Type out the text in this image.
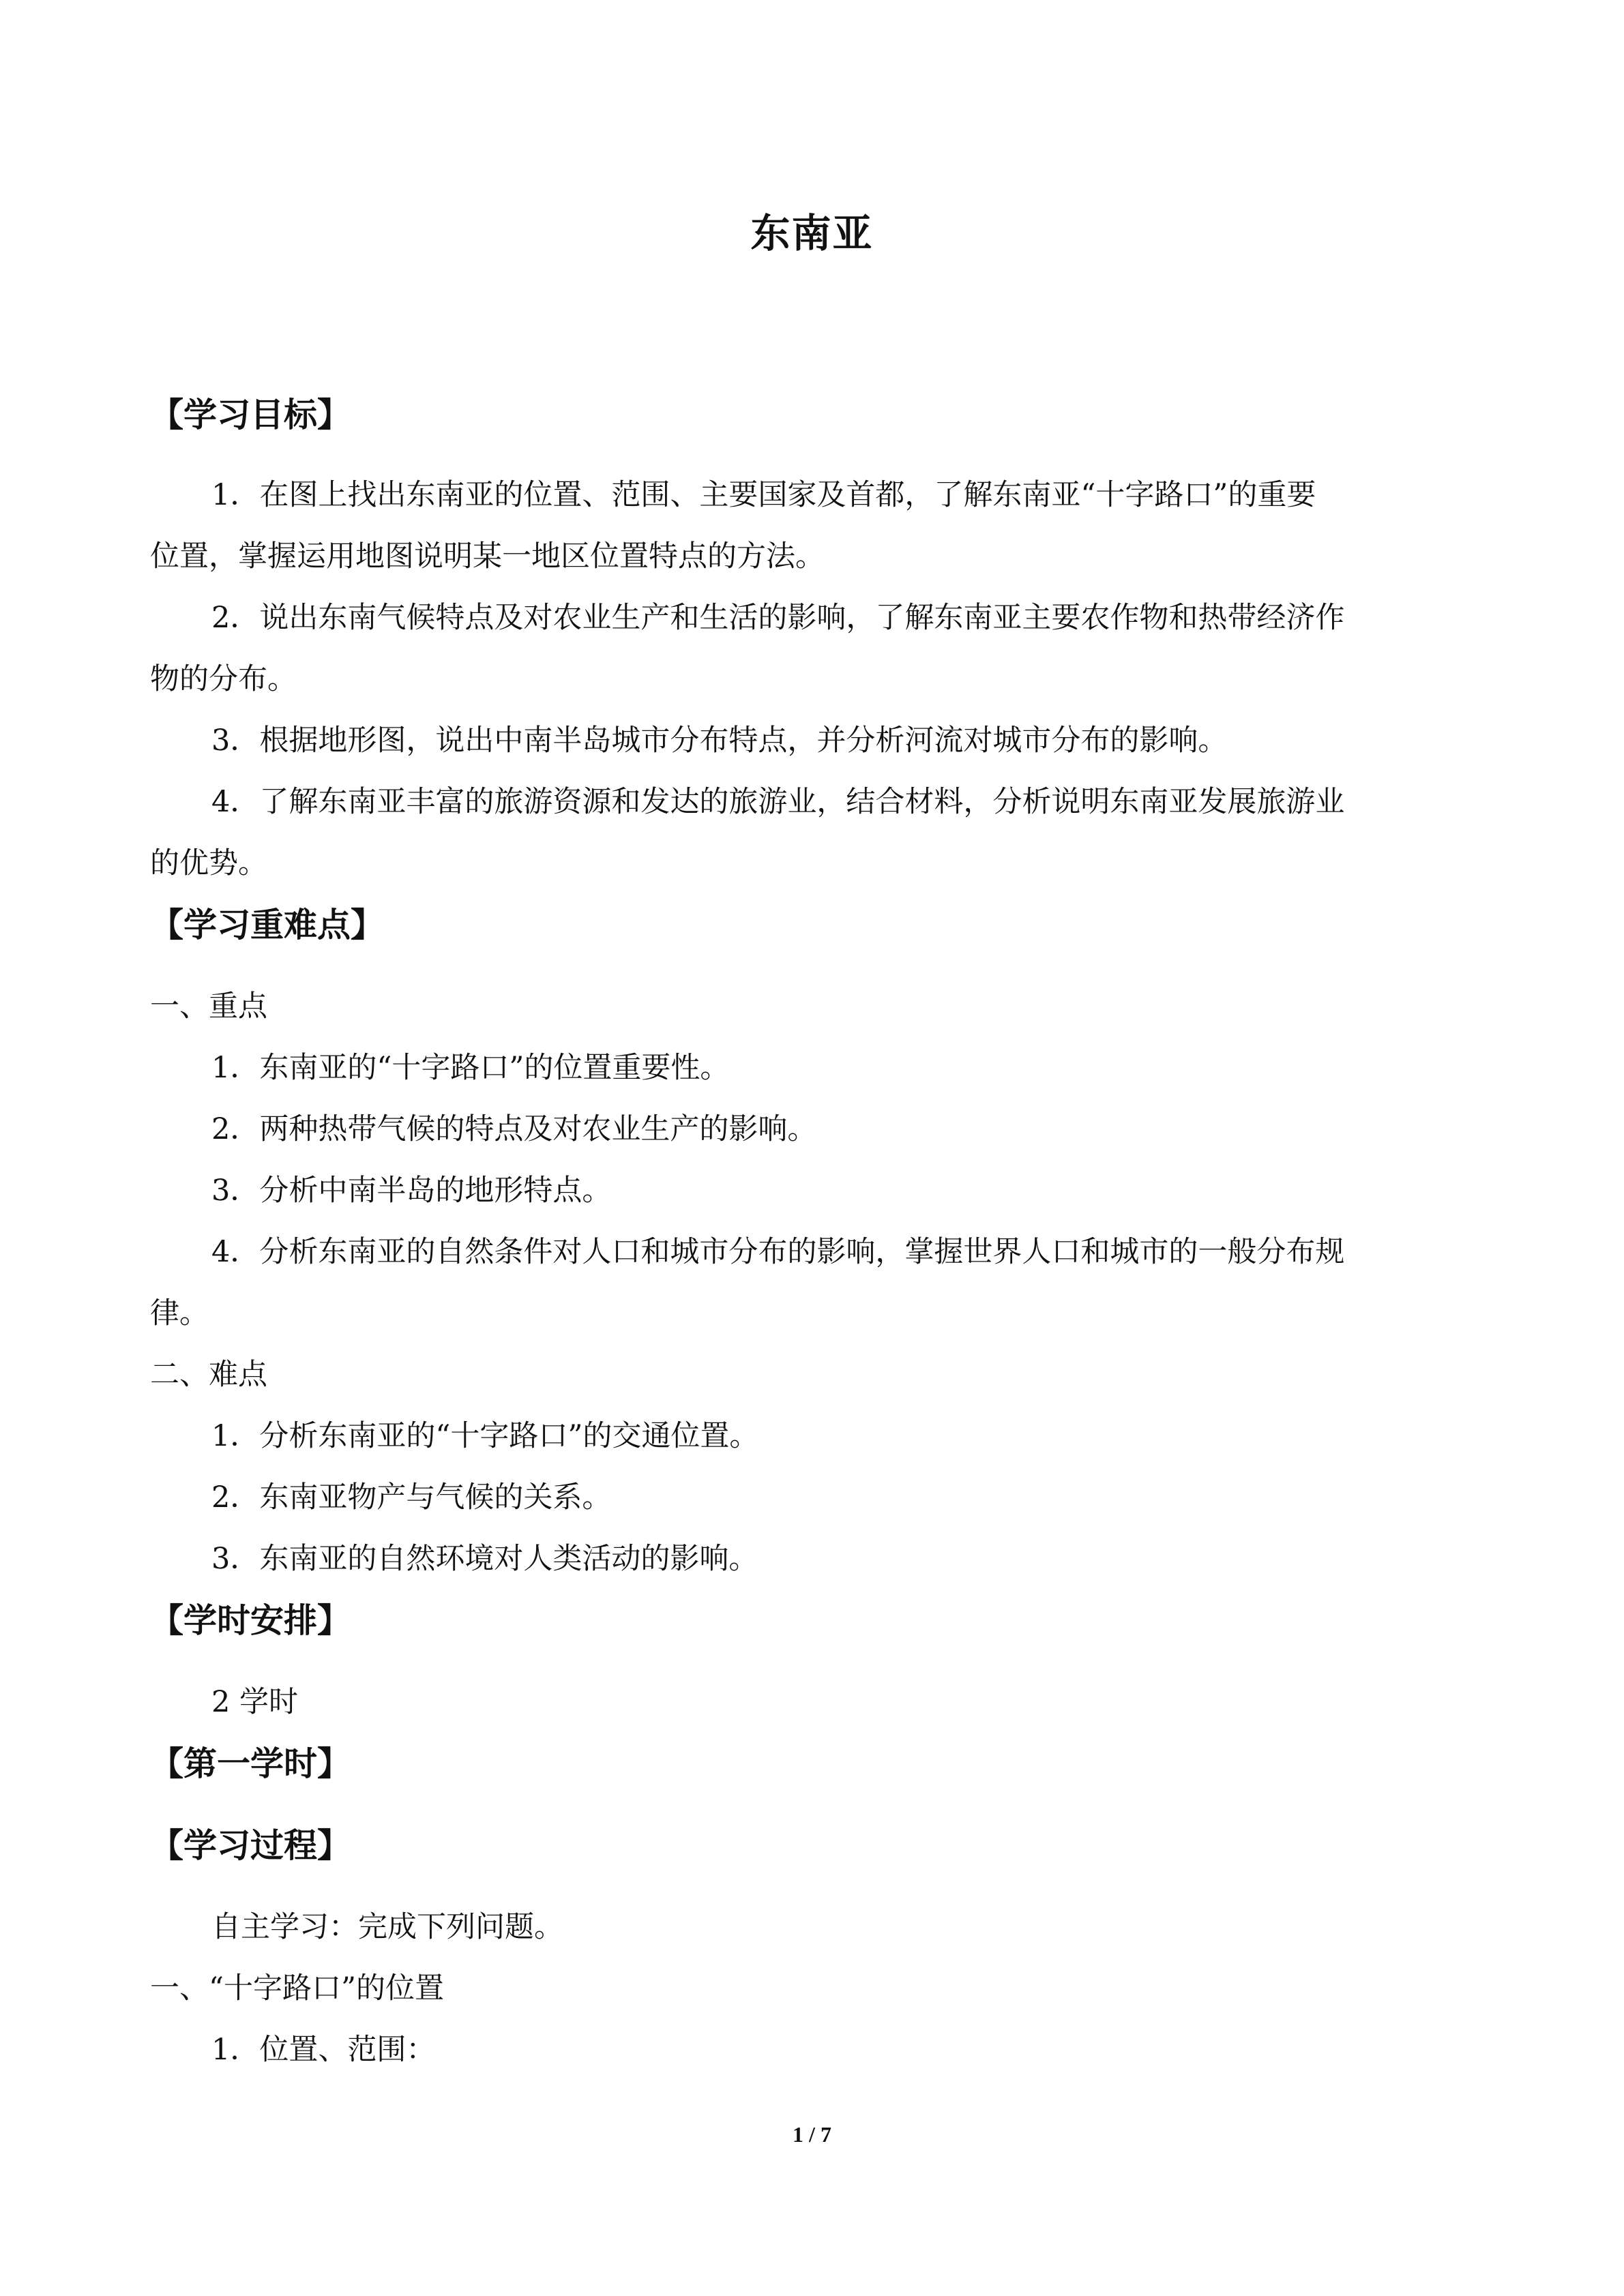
东南亚
【学习目标】
1．在图上找出东南亚的位置、范围、主要国家及首都，了解东南亚“十字路口”的重要
位置，掌握运用地图说明某一地区位置特点的方法。
2．说出东南气候特点及对农业生产和生活的影响，了解东南亚主要农作物和热带经济作
物的分布。
3．根据地形图，说出中南半岛城市分布特点，并分析河流对城市分布的影响。
4．了解东南亚丰富的旅游资源和发达的旅游业，结合材料，分析说明东南亚发展旅游业
的优势。
【学习重难点】
一、重点
1．东南亚的“十字路口”的位置重要性。
2．两种热带气候的特点及对农业生产的影响。
3．分析中南半岛的地形特点。
4．分析东南亚的自然条件对人口和城市分布的影响，掌握世界人口和城市的一般分布规
律。
二、难点
1．分析东南亚的“十字路口”的交通位置。
2．东南亚物产与气候的关系。
3．东南亚的自然环境对人类活动的影响。
【学时安排】
2 学时
【第一学时】
【学习过程】
自主学习：完成下列问题。
一、“十字路口”的位置
1．位置、范围：
1 / 7
